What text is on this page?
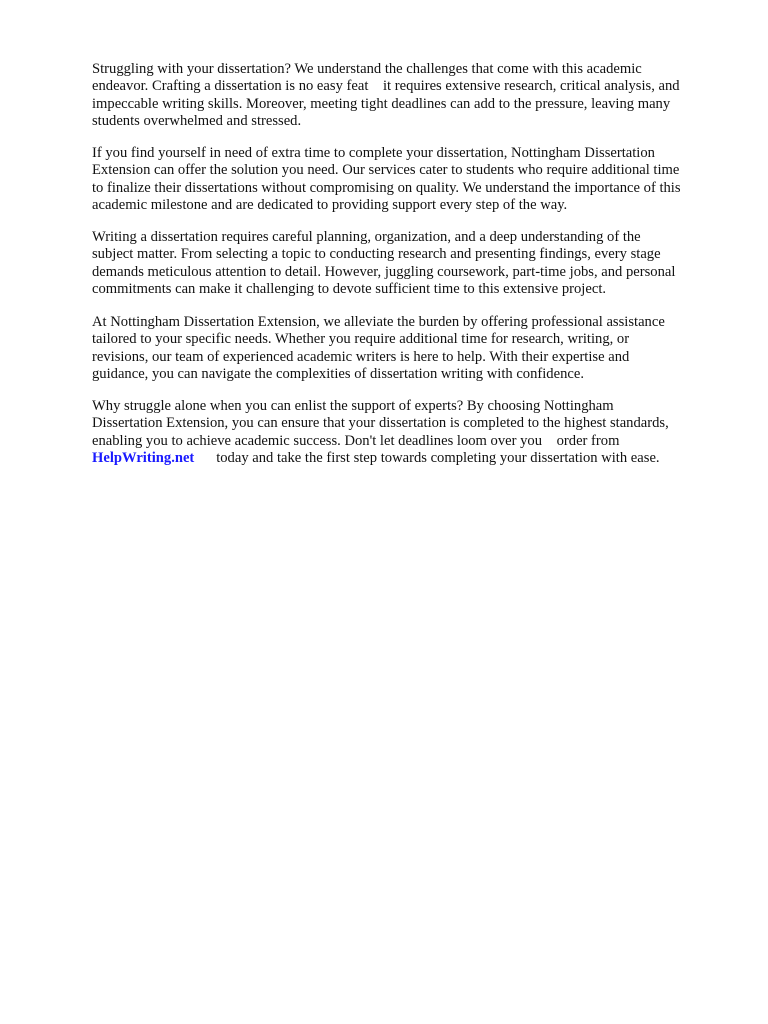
Struggling with your dissertation? We understand the challenges that come with this academic
endeavor. Crafting a dissertation is no easy feat    it requires extensive research, critical analysis, and
impeccable writing skills. Moreover, meeting tight deadlines can add to the pressure, leaving many
students overwhelmed and stressed.
If you find yourself in need of extra time to complete your dissertation, Nottingham Dissertation
Extension can offer the solution you need. Our services cater to students who require additional time
to finalize their dissertations without compromising on quality. We understand the importance of this
academic milestone and are dedicated to providing support every step of the way.
Writing a dissertation requires careful planning, organization, and a deep understanding of the
subject matter. From selecting a topic to conducting research and presenting findings, every stage
demands meticulous attention to detail. However, juggling coursework, part-time jobs, and personal
commitments can make it challenging to devote sufficient time to this extensive project.
At Nottingham Dissertation Extension, we alleviate the burden by offering professional assistance
tailored to your specific needs. Whether you require additional time for research, writing, or
revisions, our team of experienced academic writers is here to help. With their expertise and
guidance, you can navigate the complexities of dissertation writing with confidence.
Why struggle alone when you can enlist the support of experts? By choosing Nottingham
Dissertation Extension, you can ensure that your dissertation is completed to the highest standards,
enabling you to achieve academic success. Don't let deadlines loom over you    order from
HelpWriting.net      today and take the first step towards completing your dissertation with ease.
